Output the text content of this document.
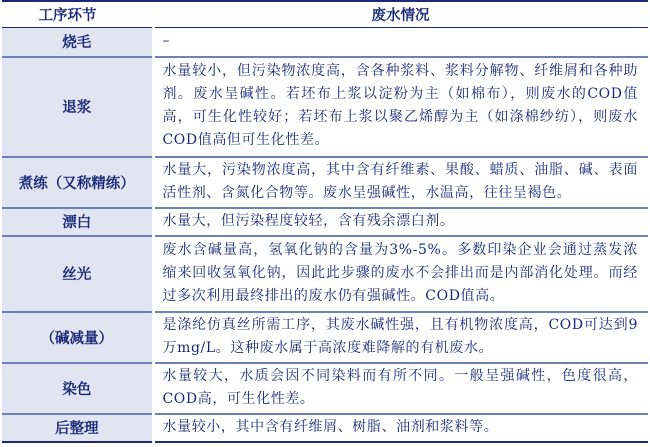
工序环节	废水情况
烧毛	–
退浆	水量较小，但污染物浓度高，含各种浆料、浆料分解物、纤维屑和各种助剂。废水呈碱性。若坯布上浆以淀粉为主（如棉布），则废水的COD值高，可生化性较好；若坯布上浆以聚乙烯醇为主（如涤棉纱纺），则废水COD值高但可生化性差。
煮练（又称精练）	水量大，污染物浓度高，其中含有纤维素、果酸、蜡质、油脂、碱、表面活性剂、含氮化合物等。废水呈强碱性，水温高，往往呈褐色。
漂白	水量大，但污染程度较轻，含有残余漂白剂。
丝光	废水含碱量高，氢氧化钠的含量为3%-5%。多数印染企业会通过蒸发浓缩来回收氢氧化钠，因此此步骤的废水不会排出而是内部消化处理。而经过多次利用最终排出的废水仍有强碱性。COD值高。
（碱减量）	是涤纶仿真丝所需工序，其废水碱性强，且有机物浓度高，COD可达到9万mg/L。这种废水属于高浓度难降解的有机废水。
染色	水量较大，水质会因不同染料而有所不同。一般呈强碱性，色度很高，COD高，可生化性差。
后整理	水量较小，其中含有纤维屑、树脂、油剂和浆料等。
